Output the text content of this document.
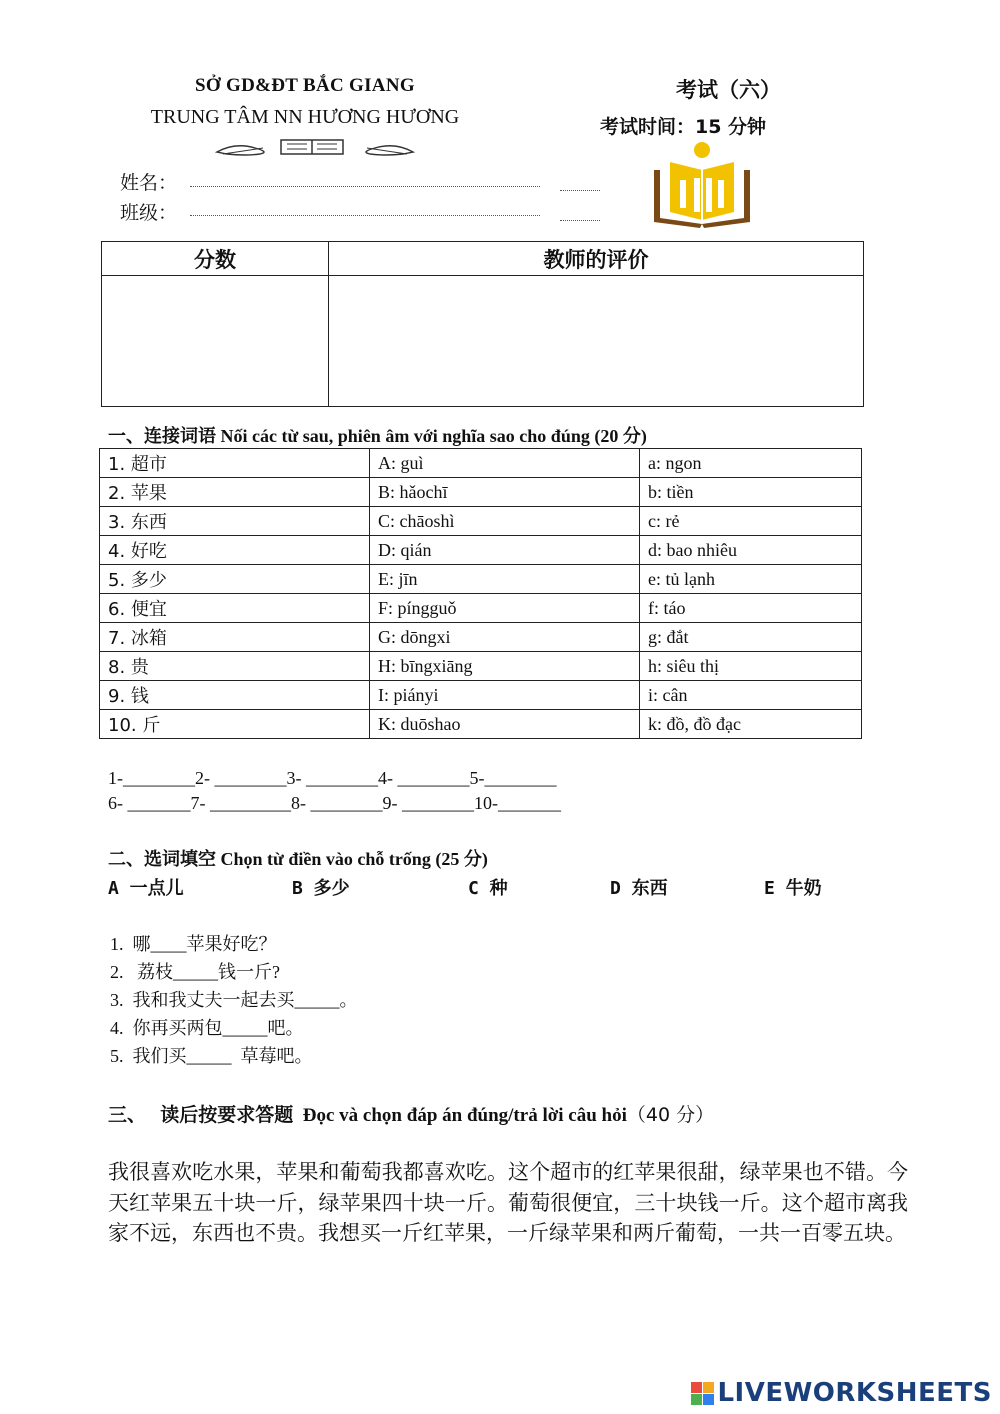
SỞ GD&ĐT BẮC GIANG
TRUNG TÂM NN HƯƠNG HƯƠNG
考试（六）
考试时间：15 分钟
姓名：
班级：
分数	教师的评价

一、连接词语 Nối các từ sau, phiên âm với nghĩa sao cho đúng (20 分)
1. 超市	A: guì	a: ngon
2. 苹果	B: hǎochī	b: tiền
3. 东西	C: chāoshì	c: rẻ
4. 好吃	D: qián	d: bao nhiêu
5. 多少	E: jīn	e: tủ lạnh
6. 便宜	F: píngguǒ	f: táo
7. 冰箱	G: dōngxi	g: đắt
8. 贵	H: bīngxiāng	h: siêu thị
9. 钱	I: piányi	i: cân
10. 斤	K: duōshao	k: đồ, đồ đạc
1-________2- ________3- ________4- ________5-________
6- _______7- _________8- ________9- ________10-_______
二、选词填空 Chọn từ điền vào chỗ trống (25 分)
A 一点儿	B 多少	C 种	D 东西	E 牛奶
1.  哪____苹果好吃？
2.   荔枝_____钱一斤?
3.  我和我丈夫一起去买_____。
4.  你再买两包_____吧。
5.  我们买_____  草莓吧。
三、 读后按要求答题 Đọc và chọn đáp án đúng/trả lời câu hỏi（40 分）
我很喜欢吃水果，苹果和葡萄我都喜欢吃。这个超市的红苹果很甜，绿苹果也不错。今天红苹果五十块一斤，绿苹果四十块一斤。葡萄很便宜，三十块钱一斤。这个超市离我家不远，东西也不贵。我想买一斤红苹果，一斤绿苹果和两斤葡萄，一共一百零五块。
LIVEWORKSHEETS
